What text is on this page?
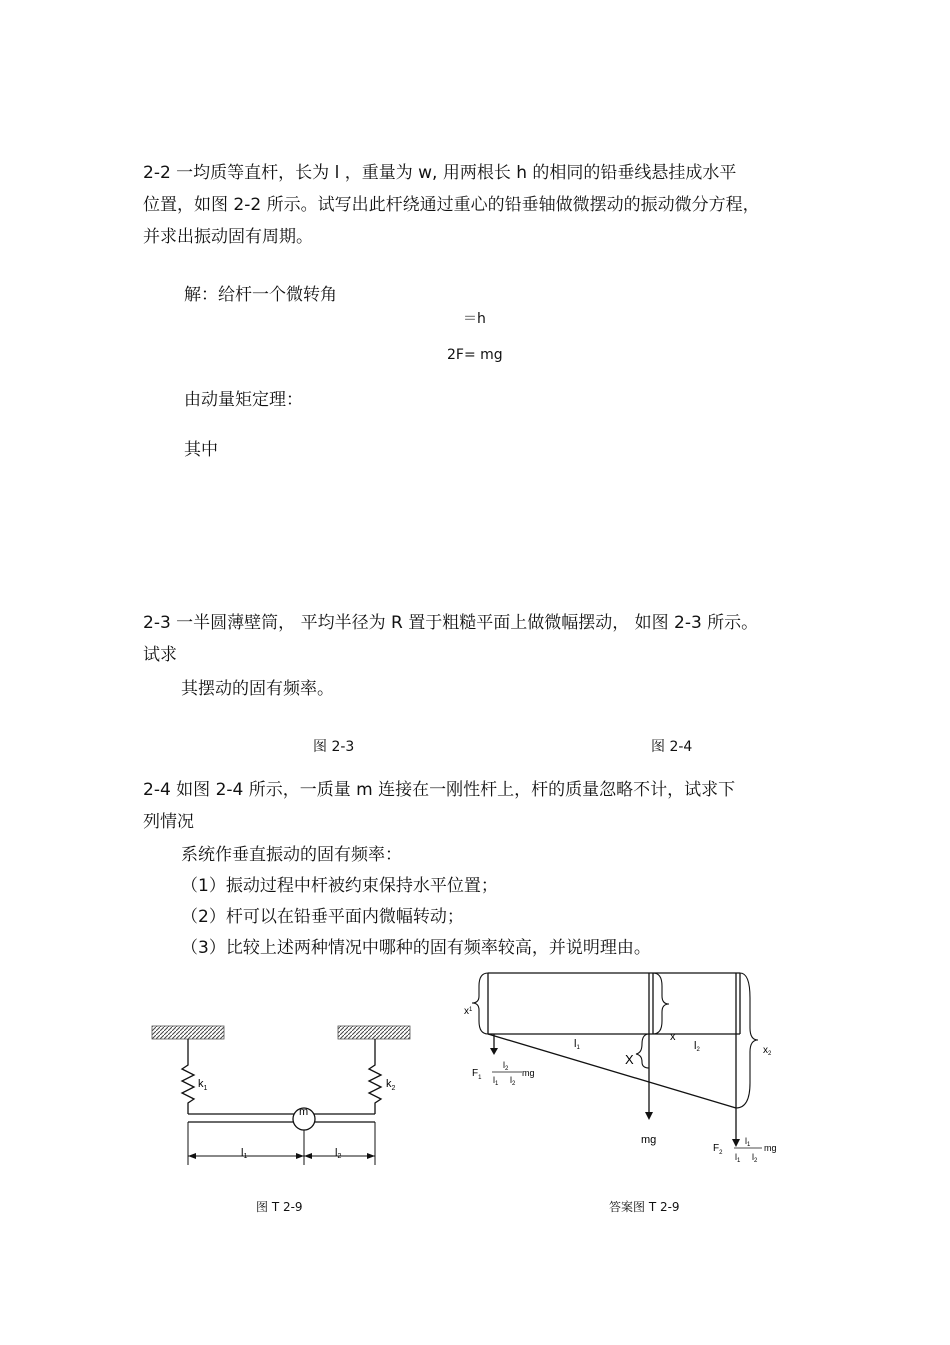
2-2 一均质等直杆，长为 l ，重量为 w, 用两根长 h 的相同的铅垂线悬挂成水平
位置，如图 2-2 所示。试写出此杆绕通过重心的铅垂轴做微摆动的振动微分方程，
并求出振动固有周期。
解：给杆一个微转角
＝h
2F= mg
由动量矩定理：
其中
2-3 一半圆薄壁筒， 平均半径为 R 置于粗糙平面上做微幅摆动， 如图 2-3 所示。
试求
其摆动的固有频率。
图 2-3	图 2-4
2-4 如图 2-4 所示，一质量 m 连接在一刚性杆上，杆的质量忽略不计，试求下
列情况
系统作垂直振动的固有频率：
（1）振动过程中杆被约束保持水平位置；
（2）杆可以在铅垂平面内微幅转动；
（3）比较上述两种情况中哪种的固有频率较高，并说明理由。
$k_1$	$k_2$
m
l1	l2
图 T 2-9
$x^1$
x
X
$x_2$
l1	l2
mg
$F_1$
$l_2$
$l_1$ $l_2$
mg
$F_2$
$l_1$
$l_1$ $l_2$
mg
答案图 T 2-9
